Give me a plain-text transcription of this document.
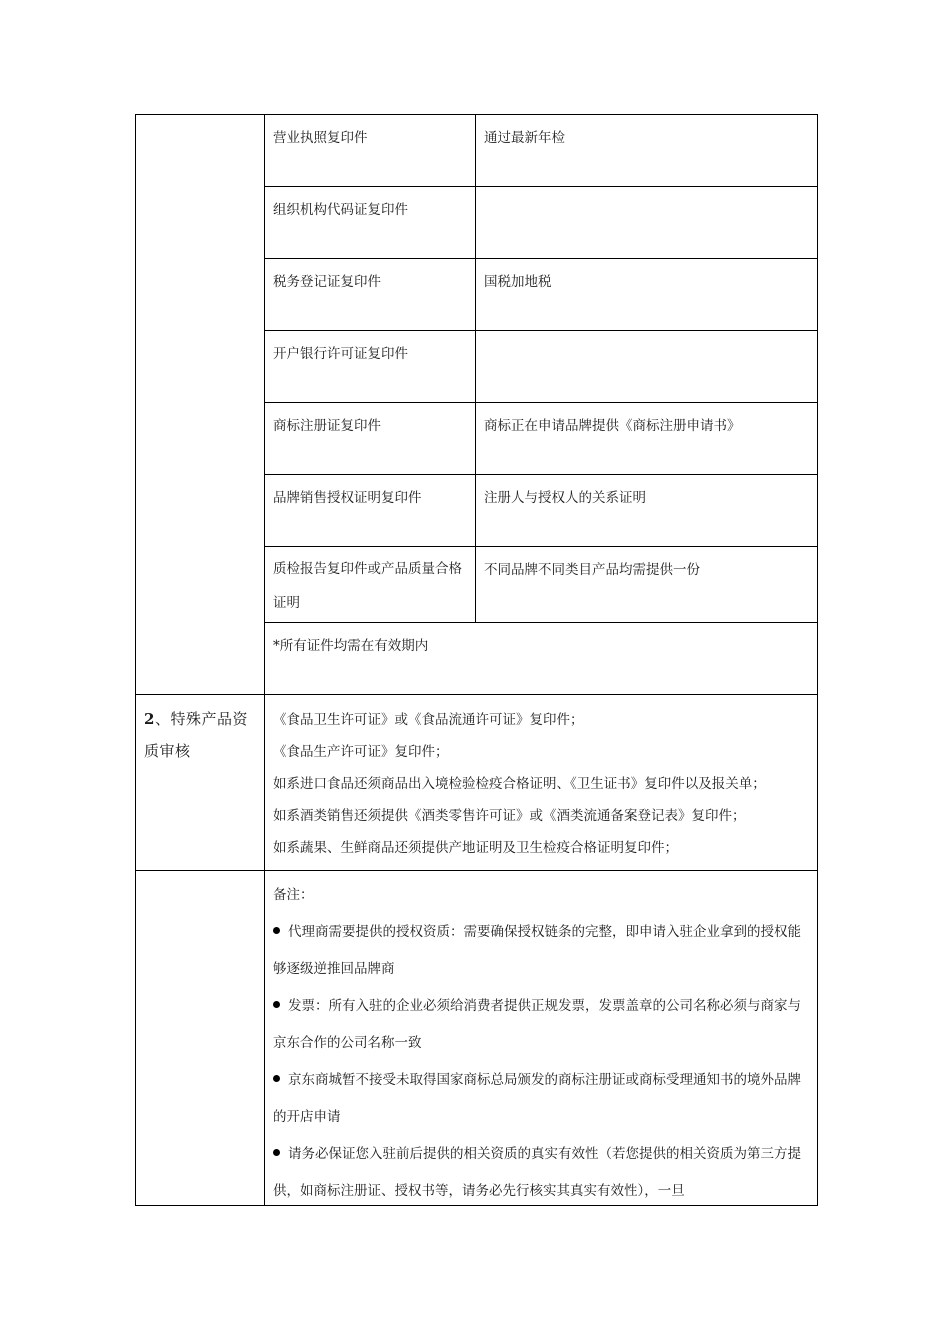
	营业执照复印件	通过最新年检

	组织机构代码证复印件	

	税务登记证复印件	国税加地税

	开户银行许可证复印件	

	商标注册证复印件	商标正在申请品牌提供《商标注册申请书》

	品牌销售授权证明复印件	注册人与授权人的关系证明

	质检报告复印件或产品质量合格证明	不同品牌不同类目产品均需提供一份

	*所有证件均需在有效期内	

2、特殊产品资质审核	《食品卫生许可证》或《食品流通许可证》复印件；
《食品生产许可证》复印件；
如系进口食品还须商品出入境检验检疫合格证明、《卫生证书》复印件以及报关单；
如系酒类销售还须提供《酒类零售许可证》或《酒类流通备案登记表》复印件；
如系蔬果、生鲜商品还须提供产地证明及卫生检疫合格证明复印件；	

	备注：
代理商需要提供的授权资质：需要确保授权链条的完整，即申请入驻企业拿到的授权能够逐级逆推回品牌商
发票：所有入驻的企业必须给消费者提供正规发票，发票盖章的公司名称必须与商家与京东合作的公司名称一致
京东商城暂不接受未取得国家商标总局颁发的商标注册证或商标受理通知书的境外品牌的开店申请
请务必保证您入驻前后提供的相关资质的真实有效性（若您提供的相关资质为第三方提供，如商标注册证、授权书等，请务必先行核实其真实有效性），一旦	
